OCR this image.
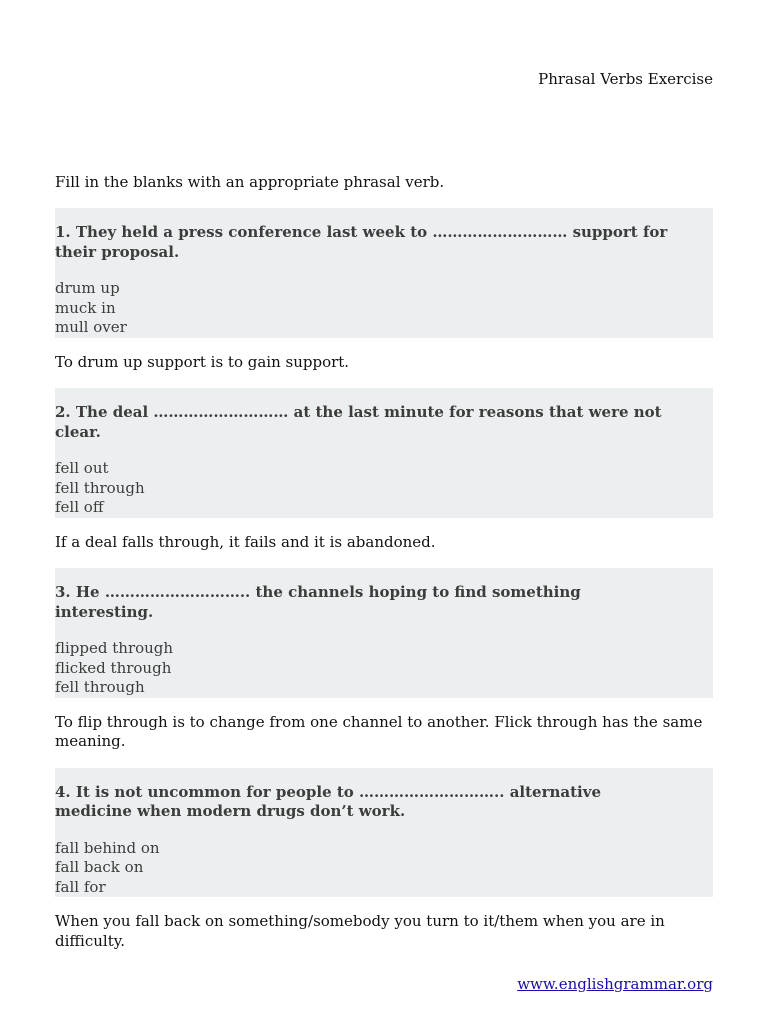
Phrasal Verbs Exercise
Fill in the blanks with an appropriate phrasal verb.
1. They held a press conference last week to ……………………… support for their proposal.
drum up
muck in
mull over
To drum up support is to gain support.
2. The deal ……………………… at the last minute for reasons that were not clear.
fell out
fell through
fell off
If a deal falls through, it fails and it is abandoned.
3. He ……………………….. the channels hoping to find something interesting.
flipped through
flicked through
fell through
To flip through is to change from one channel to another. Flick through has the same meaning.
4. It is not uncommon for people to ……………………….. alternative medicine when modern drugs don’t work.
fall behind on
fall back on
fall for
When you fall back on something/somebody you turn to it/them when you are in difficulty.
www.englishgrammar.org
